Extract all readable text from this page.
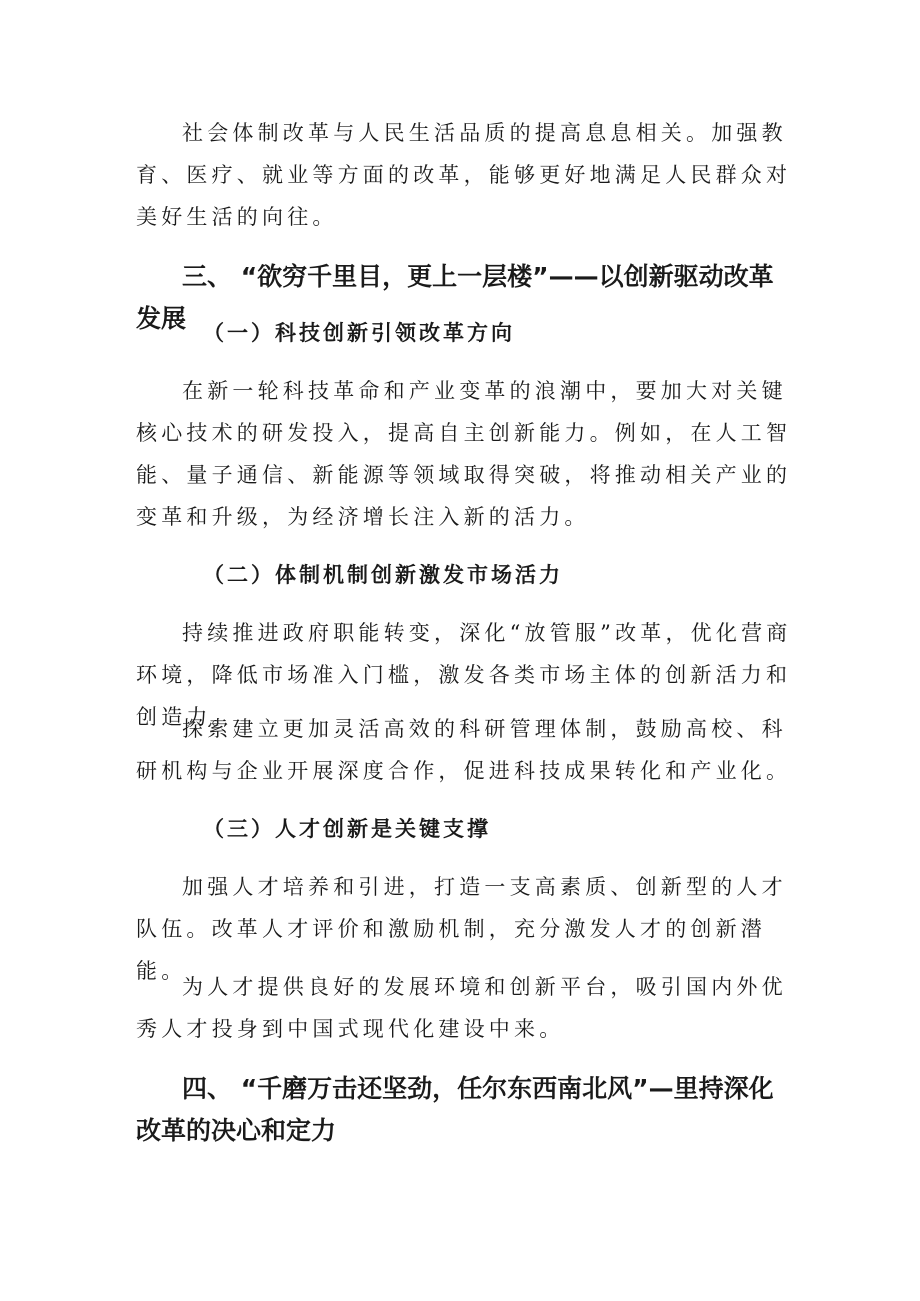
社会体制改革与人民生活品质的提高息息相关。加强教育、医疗、就业等方面的改革，能够更好地满足人民群众对美好生活的向往。

三、 “欲穷千里目，更上一层楼”——以创新驱动改革发展 （一）科技创新引领改革方向

在新一轮科技革命和产业变革的浪潮中，要加大对关键核心技术的研发投入，提高自主创新能力。例如，在人工智能、量子通信、新能源等领域取得突破，将推动相关产业的变革和升级，为经济增长注入新的活力。

（二）体制机制创新激发市场活力

持续推进政府职能转变，深化“放管服”改革，优化营商环境，降低市场准入门槛，激发各类市场主体的创新活力和创造力。

探索建立更加灵活高效的科研管理体制，鼓励高校、科研机构与企业开展深度合作，促进科技成果转化和产业化。

（三）人才创新是关键支撑

加强人才培养和引进，打造一支高素质、创新型的人才队伍。改革人才评价和激励机制，充分激发人才的创新潜能。

为人才提供良好的发展环境和创新平台，吸引国内外优秀人才投身到中国式现代化建设中来。

四、 “千磨万击还坚劲，任尔东西南北风”—里持深化改革的决心和定力
